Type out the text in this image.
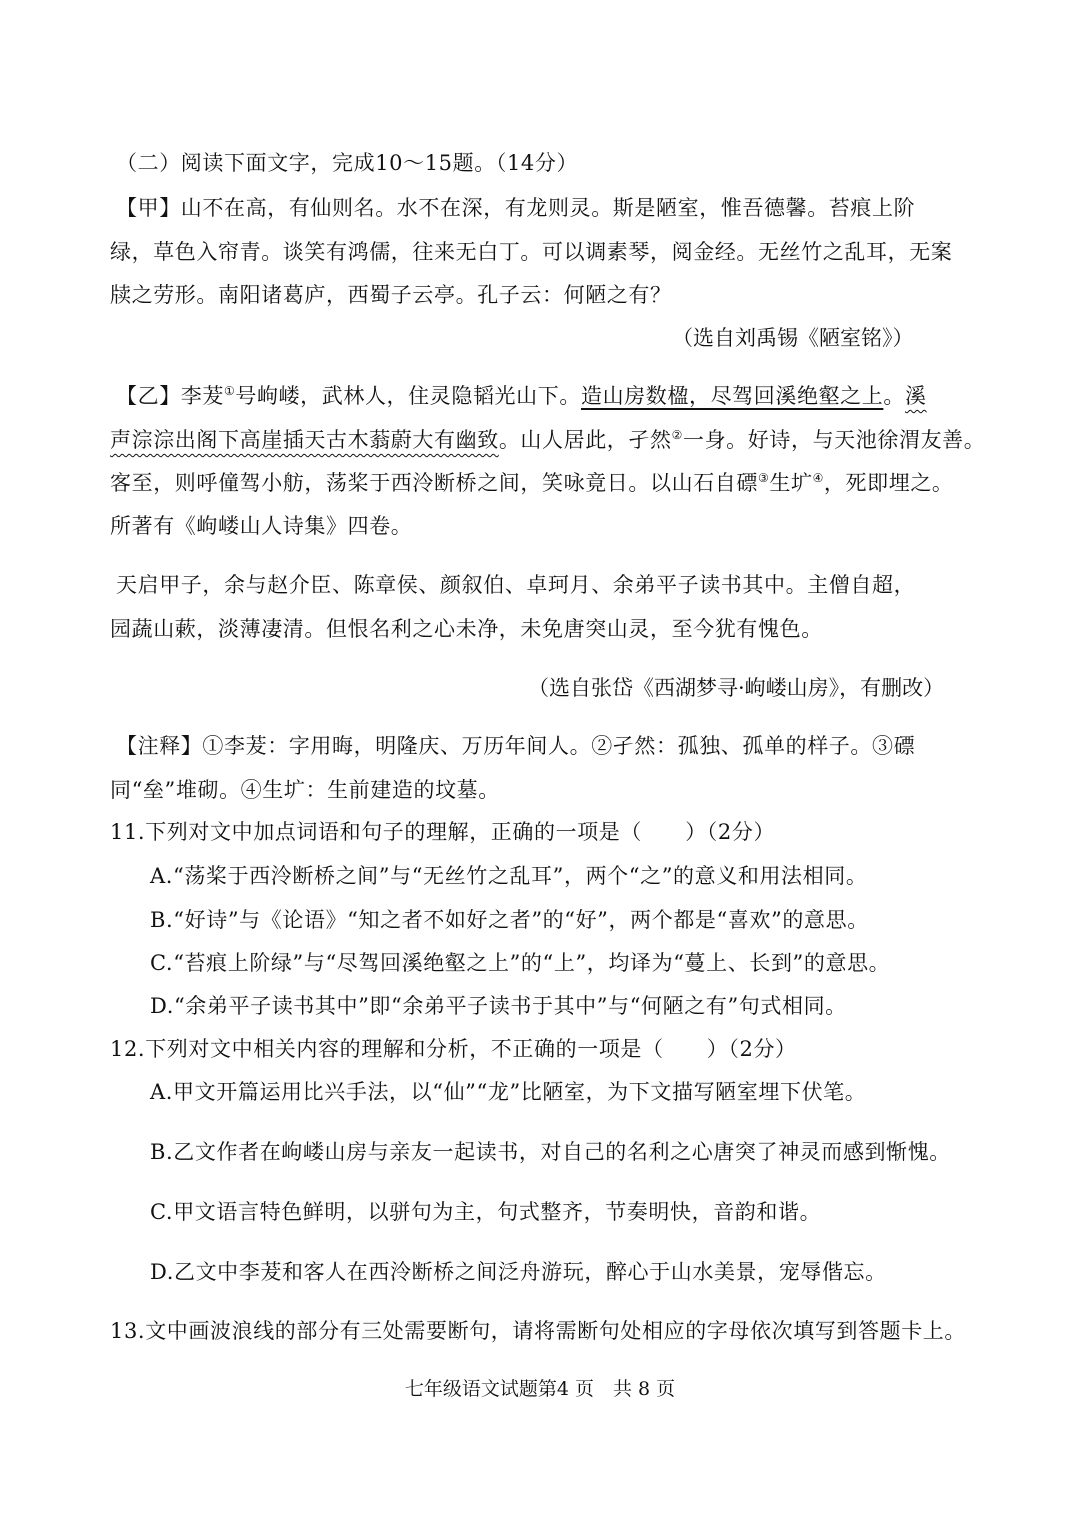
（二）阅读下面文字，完成10～15题。（14分）
【甲】山不在高，有仙则名。水不在深，有龙则灵。斯是陋室，惟吾德馨。苔痕上阶
绿，草色入帘青。谈笑有鸿儒，往来无白丁。可以调素琴，阅金经。无丝竹之乱耳，无案
牍之劳形。南阳诸葛庐，西蜀子云亭。孔子云：何陋之有？
（选自刘禹锡《陋室铭》）
【乙】李茇①号岣嵝，武林人，住灵隐韬光山下。造山房数楹，尽驾回溪绝壑之上。溪
声淙淙出阁下高崖插天古木蓊蔚大有幽致。山人居此，孑然②一身。好诗，与天池徐渭友善。
客至，则呼僮驾小舫，荡桨于西泠断桥之间，笑咏竟日。以山石自磦③生圹④，死即埋之。
所著有《岣嵝山人诗集》四卷。
天启甲子，余与赵介臣、陈章侯、颜叙伯、卓珂月、余弟平子读书其中。主僧自超，
园蔬山蔌，淡薄凄清。但恨名利之心未净，未免唐突山灵，至今犹有愧色。
（选自张岱《西湖梦寻·岣嵝山房》，有删改）
【注释】①李茇：字用晦，明隆庆、万历年间人。②孑然：孤独、孤单的样子。③磦
同“垒”堆砌。④生圹：生前建造的坟墓。
11.下列对文中加点词语和句子的理解，正确的一项是（　　）（2分）
A.“荡桨于西泠断桥之间”与“无丝竹之乱耳”，两个“之”的意义和用法相同。
B.“好诗”与《论语》“知之者不如好之者”的“好”，两个都是“喜欢”的意思。
C.“苔痕上阶绿”与“尽驾回溪绝壑之上”的“上”，均译为“蔓上、长到”的意思。
D.“余弟平子读书其中”即“余弟平子读书于其中”与“何陋之有”句式相同。
12.下列对文中相关内容的理解和分析，不正确的一项是（　　）（2分）
A.甲文开篇运用比兴手法，以“仙”“龙”比陋室，为下文描写陋室埋下伏笔。
B.乙文作者在岣嵝山房与亲友一起读书，对自己的名利之心唐突了神灵而感到惭愧。
C.甲文语言特色鲜明，以骈句为主，句式整齐，节奏明快，音韵和谐。
D.乙文中李茇和客人在西泠断桥之间泛舟游玩，醉心于山水美景，宠辱偕忘。
13.文中画波浪线的部分有三处需要断句，请将需断句处相应的字母依次填写到答题卡上。
七年级语文试题第4 页　共 8 页
